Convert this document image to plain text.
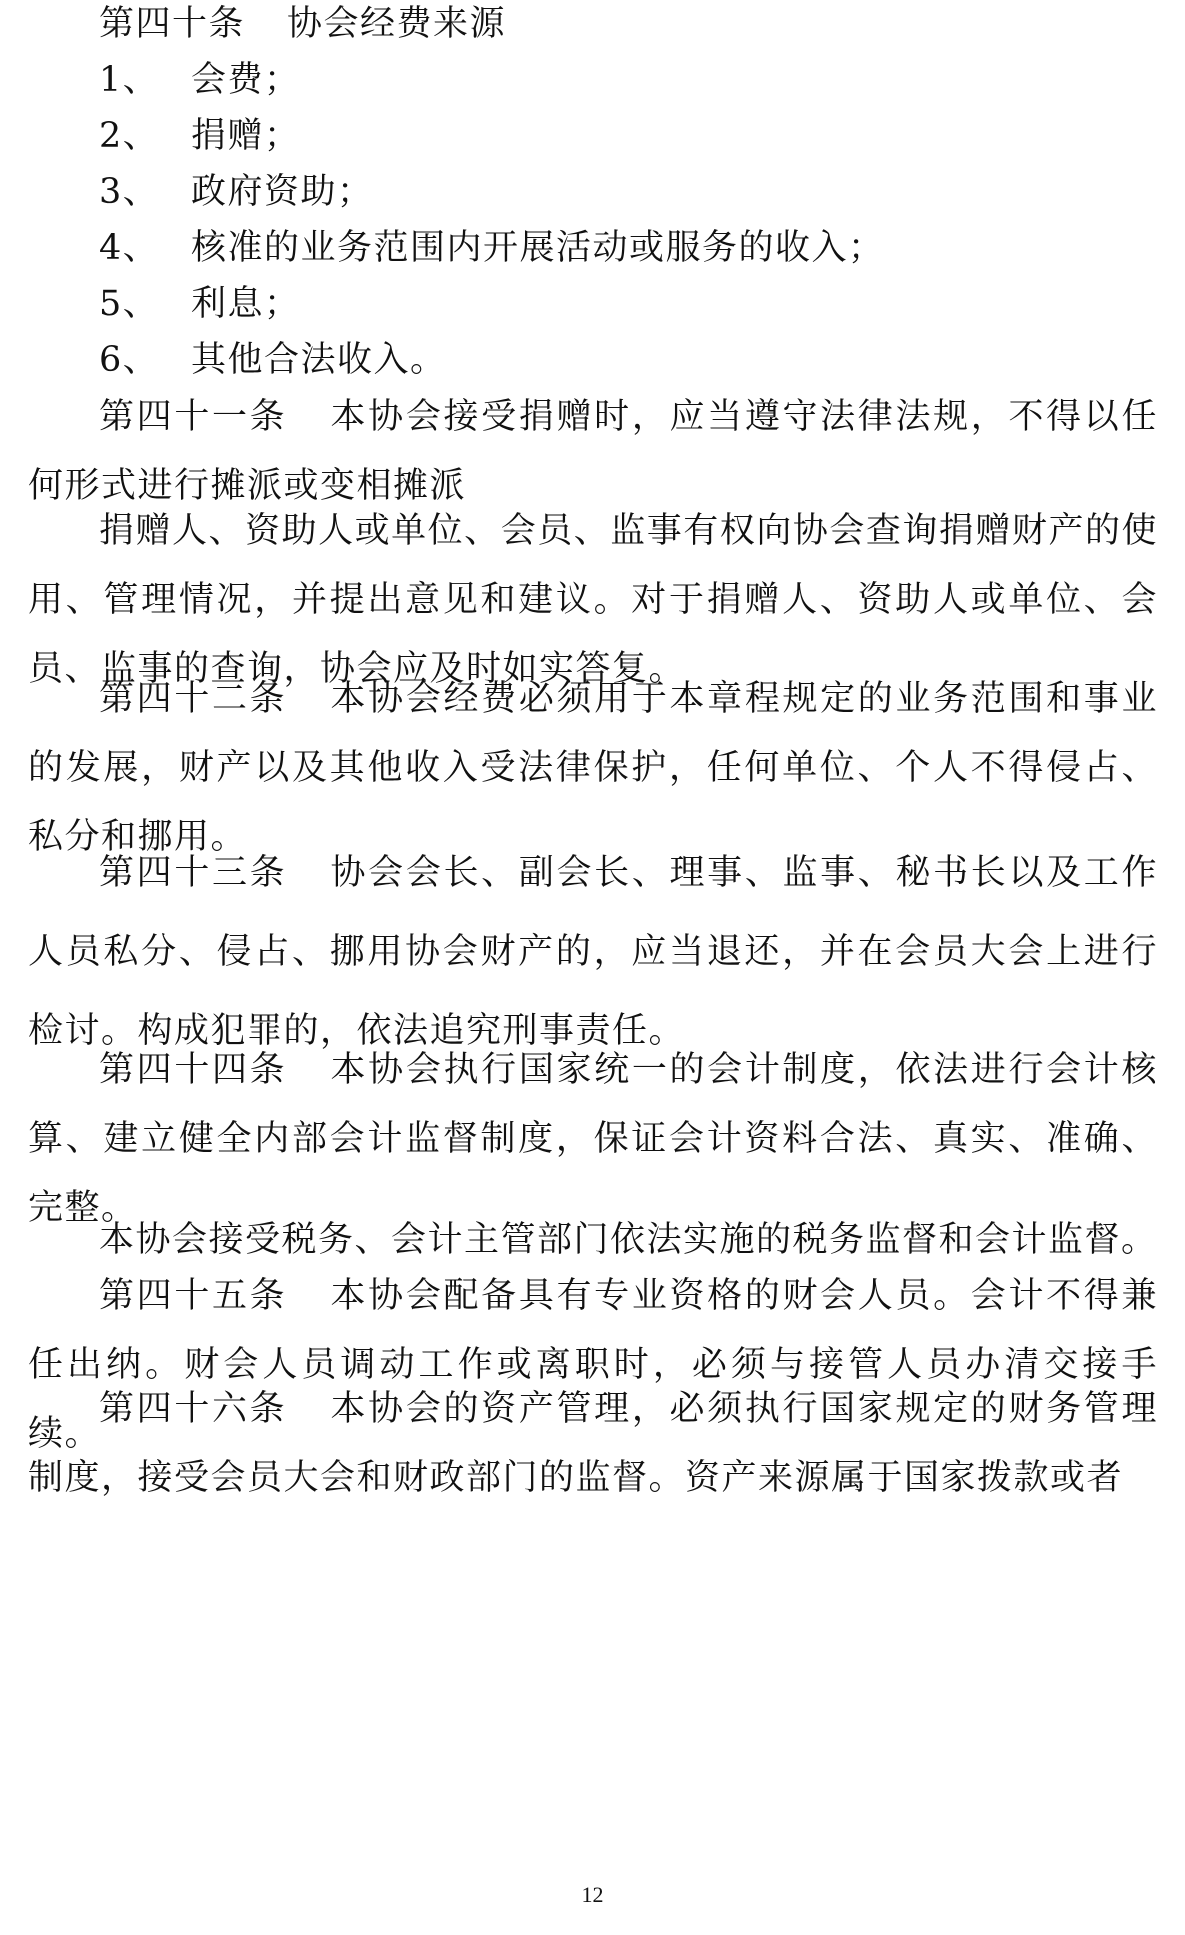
第四十条 协会经费来源

1、 会费；

2、 捐赠；

3、 政府资助；

4、 核准的业务范围内开展活动或服务的收入；

5、 利息；

6、 其他合法收入。

第四十一条 本协会接受捐赠时，应当遵守法律法规，不得以任何形式进行摊派或变相摊派

捐赠人、资助人或单位、会员、监事有权向协会查询捐赠财产的使用、管理情况，并提出意见和建议。对于捐赠人、资助人或单位、会员、监事的查询，协会应及时如实答复。

第四十二条 本协会经费必须用于本章程规定的业务范围和事业的发展，财产以及其他收入受法律保护，任何单位、个人不得侵占、私分和挪用。

第四十三条 协会会长、副会长、理事、监事、秘书长以及工作人员私分、侵占、挪用协会财产的，应当退还，并在会员大会上进行检讨。构成犯罪的，依法追究刑事责任。

第四十四条 本协会执行国家统一的会计制度，依法进行会计核算、建立健全内部会计监督制度，保证会计资料合法、真实、准确、完整。

本协会接受税务、会计主管部门依法实施的税务监督和会计监督。

第四十五条 本协会配备具有专业资格的财会人员。会计不得兼任出纳。财会人员调动工作或离职时，必须与接管人员办清交接手续。

第四十六条 本协会的资产管理，必须执行国家规定的财务管理制度，接受会员大会和财政部门的监督。资产来源属于国家拨款或者

12
